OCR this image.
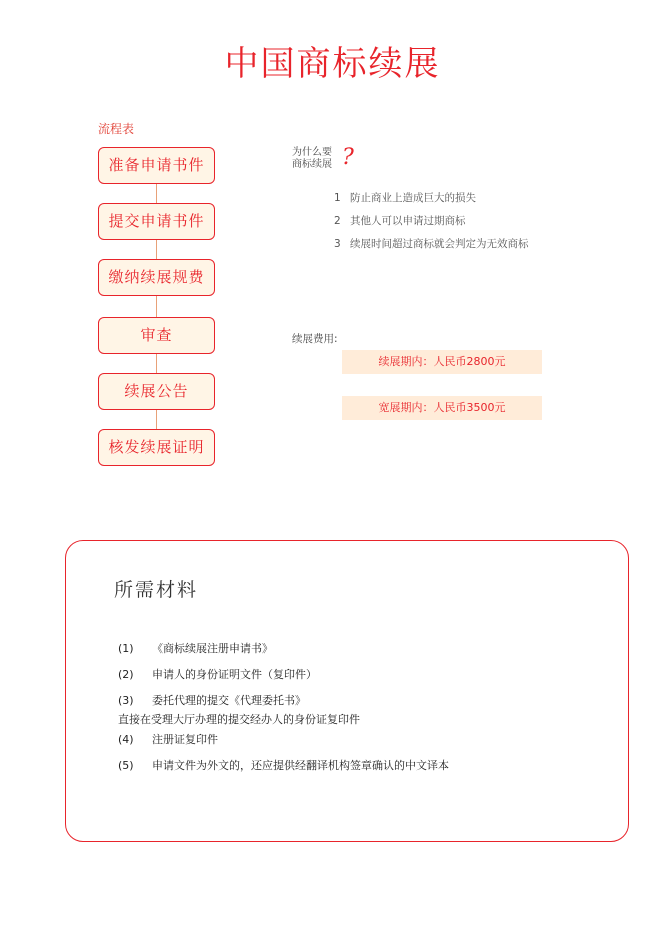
中国商标续展
流程表
准备申请书件
提交申请书件
缴纳续展规费
审查
续展公告
核发续展证明
为什么要
商标续展 ?
1 防止商业上造成巨大的损失
2 其他人可以申请过期商标
3 续展时间超过商标就会判定为无效商标
续展费用:
续展期内：人民币2800元
宽展期内：人民币3500元
所需材料
(1) 《商标续展注册申请书》
(2) 申请人的身份证明文件（复印件）
(3) 委托代理的提交《代理委托书》
直接在受理大厅办理的提交经办人的身份证复印件
(4) 注册证复印件
(5) 申请文件为外文的，还应提供经翻译机构签章确认的中文译本
